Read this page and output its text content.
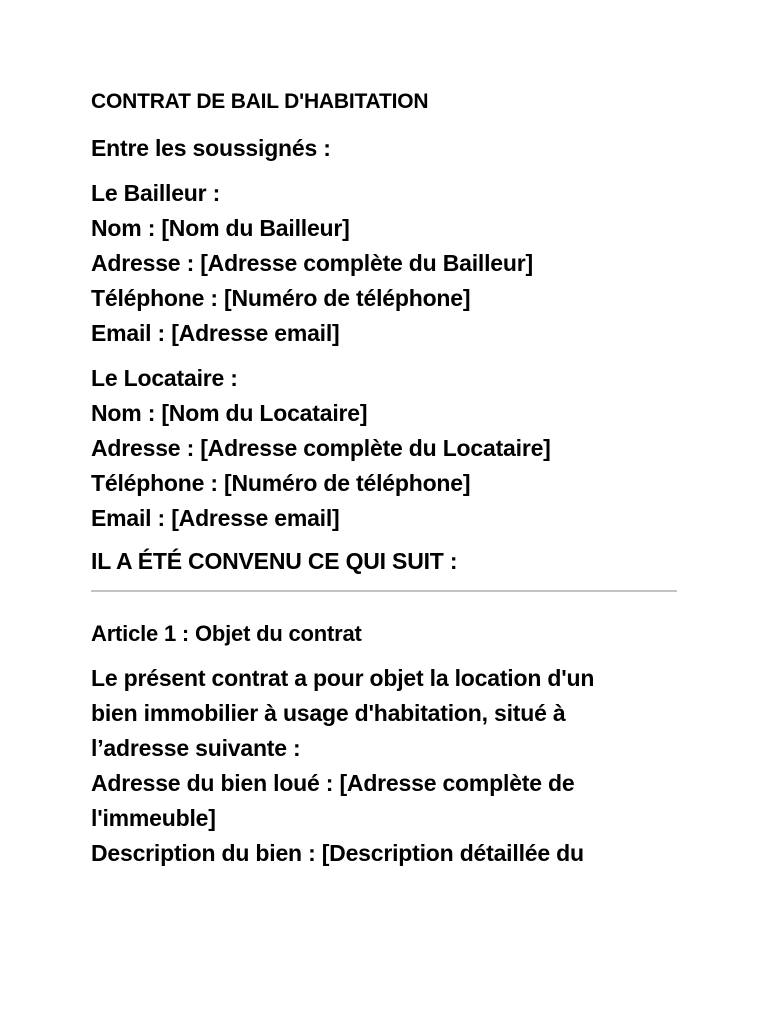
CONTRAT DE BAIL D'HABITATION

Entre les soussignés :

Le Bailleur :
Nom : [Nom du Bailleur]
Adresse : [Adresse complète du Bailleur]
Téléphone : [Numéro de téléphone]
Email : [Adresse email]
Le Locataire :
Nom : [Nom du Locataire]
Adresse : [Adresse complète du Locataire]
Téléphone : [Numéro de téléphone]
Email : [Adresse email]

IL A ÉTÉ CONVENU CE QUI SUIT :

Article 1 : Objet du contrat

Le présent contrat a pour objet la location d'un
bien immobilier à usage d'habitation, situé à
l’adresse suivante :
Adresse du bien loué : [Adresse complète de
l'immeuble]
Description du bien : [Description détaillée du
